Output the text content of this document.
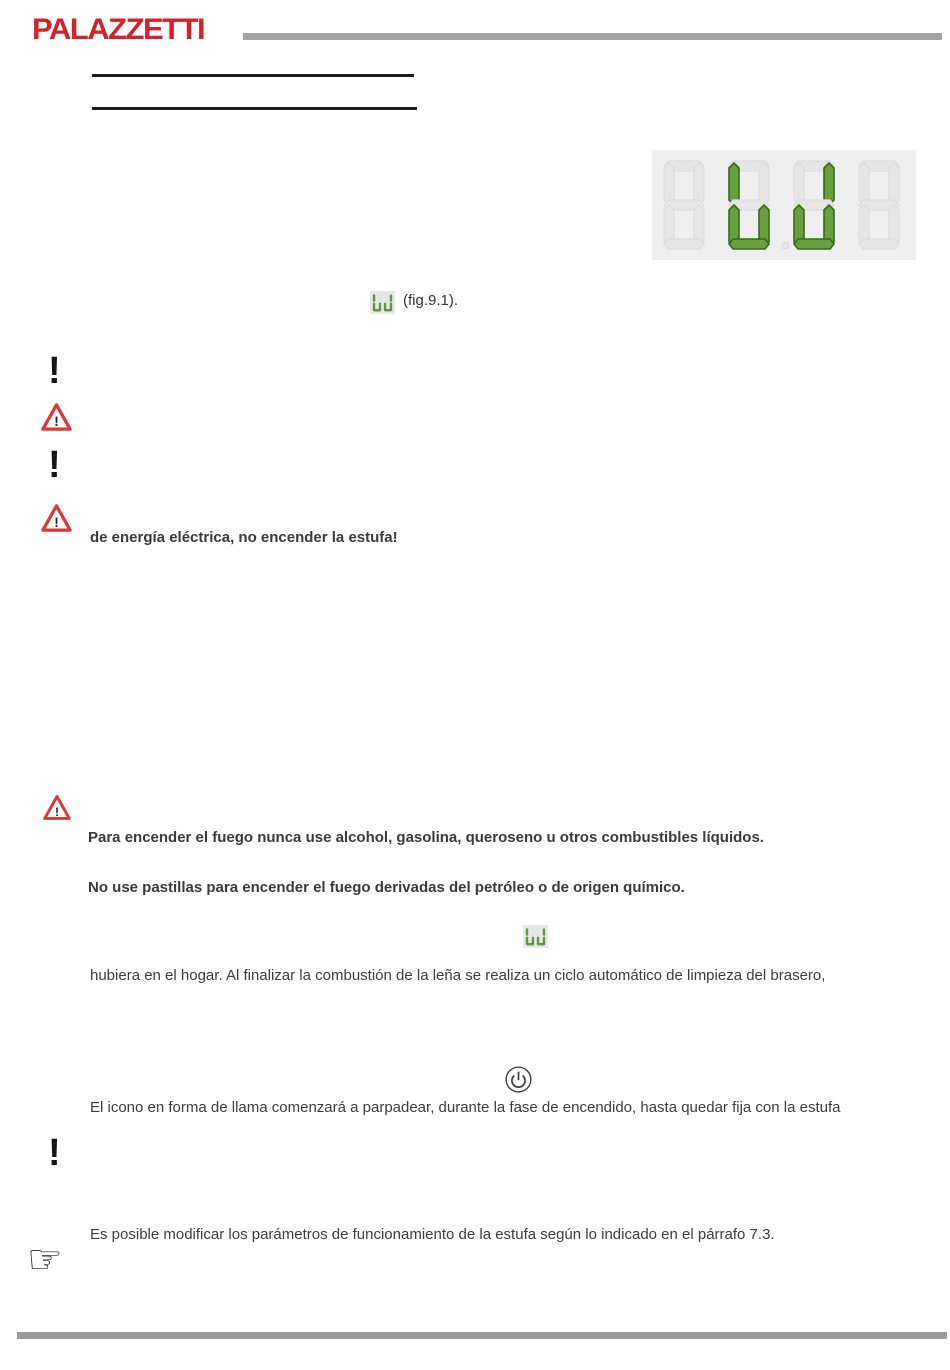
PALAZZETTI
(fig.9.1).
!
!
!
!
!
!
de energía eléctrica, no encender la estufa!
Para encender el fuego nunca use alcohol, gasolina, queroseno u otros combustibles líquidos.
No use pastillas para encender el fuego derivadas del petróleo o de origen químico.
hubiera en el hogar. Al finalizar la combustión de la leña se realiza un ciclo automático de limpieza del brasero,
El icono en forma de llama comenzará a parpadear, durante la fase de encendido, hasta quedar fija con la estufa
Es posible modificar los parámetros de funcionamiento de la estufa según lo indicado en el párrafo 7.3.
☞
